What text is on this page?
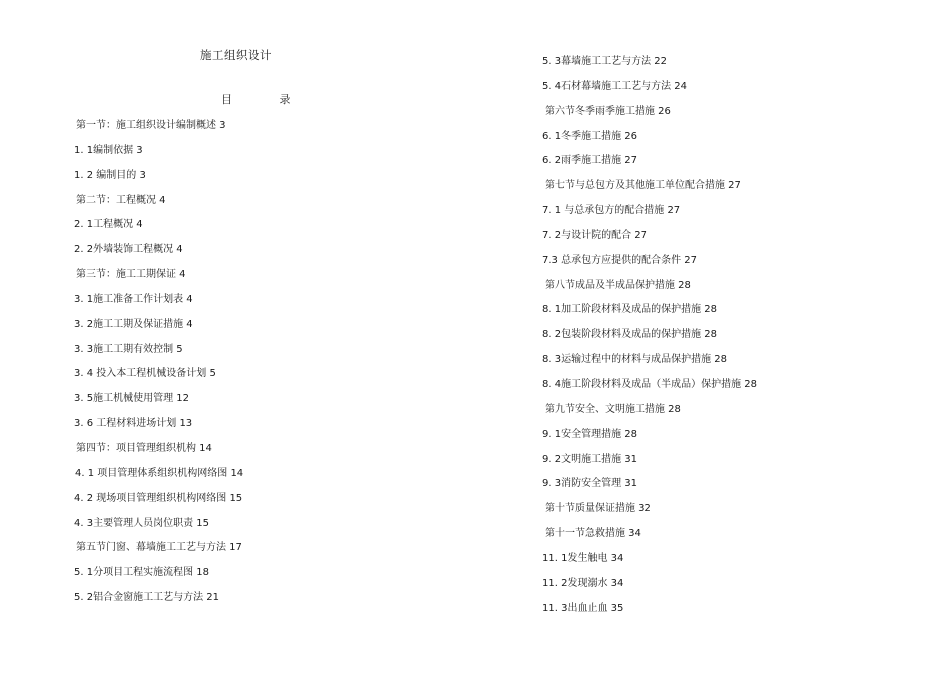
施工组织设计
目 录
第一节：施工组织设计编制概述 3
1. 1编制依据 3
1. 2 编制目的 3
第二节：工程概况 4
2. 1工程概况 4
2. 2外墙装饰工程概况 4
第三节：施工工期保证 4
3. 1施工准备工作计划表 4
3. 2施工工期及保证措施 4
3. 3施工工期有效控制 5
3. 4 投入本工程机械设备计划 5
3. 5施工机械使用管理 12
3. 6 工程材料进场计划 13
第四节：项目管理组织机构 14
4. 1 项目管理体系组织机构网络图 14
4. 2 现场项目管理组织机构网络图 15
4. 3主要管理人员岗位职责 15
第五节门窗、幕墙施工工艺与方法 17
5. 1分项目工程实施流程图 18
5. 2铝合金窗施工工艺与方法 21
5. 3幕墙施工工艺与方法 22
5. 4石材幕墙施工工艺与方法 24
第六节冬季雨季施工措施 26
6. 1冬季施工措施 26
6. 2雨季施工措施 27
第七节与总包方及其他施工单位配合措施 27
7. 1 与总承包方的配合措施 27
7. 2与设计院的配合 27
7.3 总承包方应提供的配合条件 27
第八节成品及半成品保护措施 28
8. 1加工阶段材料及成品的保护措施 28
8. 2包装阶段材料及成品的保护措施 28
8. 3运输过程中的材料与成品保护措施 28
8. 4施工阶段材料及成品（半成品）保护措施 28
第九节安全、文明施工措施 28
9. 1安全管理措施 28
9. 2文明施工措施 31
9. 3消防安全管理 31
第十节质量保证措施 32
第十一节急救措施 34
11. 1发生触电 34
11. 2发现溺水 34
11. 3出血止血 35
